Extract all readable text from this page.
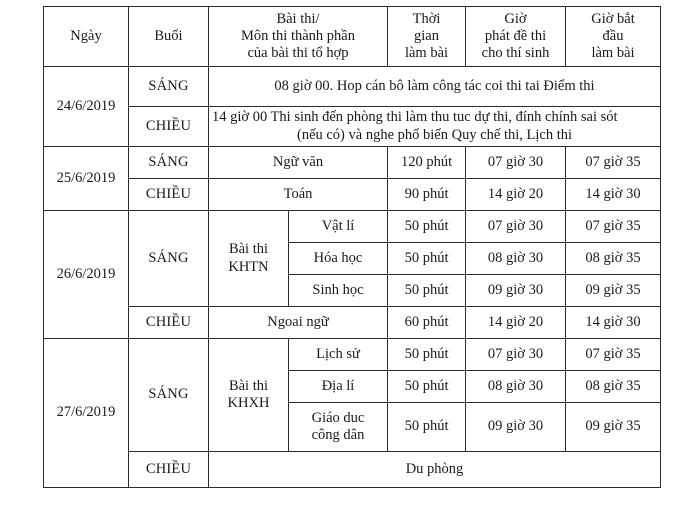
Ngày	Buổi	Bài thi/
Môn thi thành phần
của bài thi tổ hợp		Thời
gian
làm bài	Giờ
phát đề thi
cho thí sinh	Giờ bắt
đầu
làm bài

24/6/2019	SÁNG	08 giờ 00. Hop cán bô làm công tác coi thi tai Điểm thi				
	CHIỀU	14 giờ 00 Thi sinh đến phòng thi làm thu tuc dự thi, đính chính sai sót
(nếu có) và nghe phổ biến Quy chế thi, Lịch thi				

25/6/2019	SÁNG	Ngữ văn		120 phút	07 giờ 30	07 giờ 35
	CHIỀU	Toán		90 phút	14 giờ 20	14 giờ 30
26/6/2019	SÁNG	Bài thi
KHTN	Vật lí	50 phút	07 giờ 30	07 giờ 35
			Hóa học	50 phút	08 giờ 30	08 giờ 35
			Sinh học	50 phút	09 giờ 30	09 giờ 35
	CHIỀU	Ngoai ngữ		60 phút	14 giờ 20	14 giờ 30
27/6/2019	SÁNG	Bài thi
KHXH	Lịch sử	50 phút	07 giờ 30	07 giờ 35
			Địa lí	50 phút	08 giờ 30	08 giờ 35

			Giáo duc
công dân	50 phút	09 giờ 30	09 giờ 35
	CHIỀU	Du phòng				
